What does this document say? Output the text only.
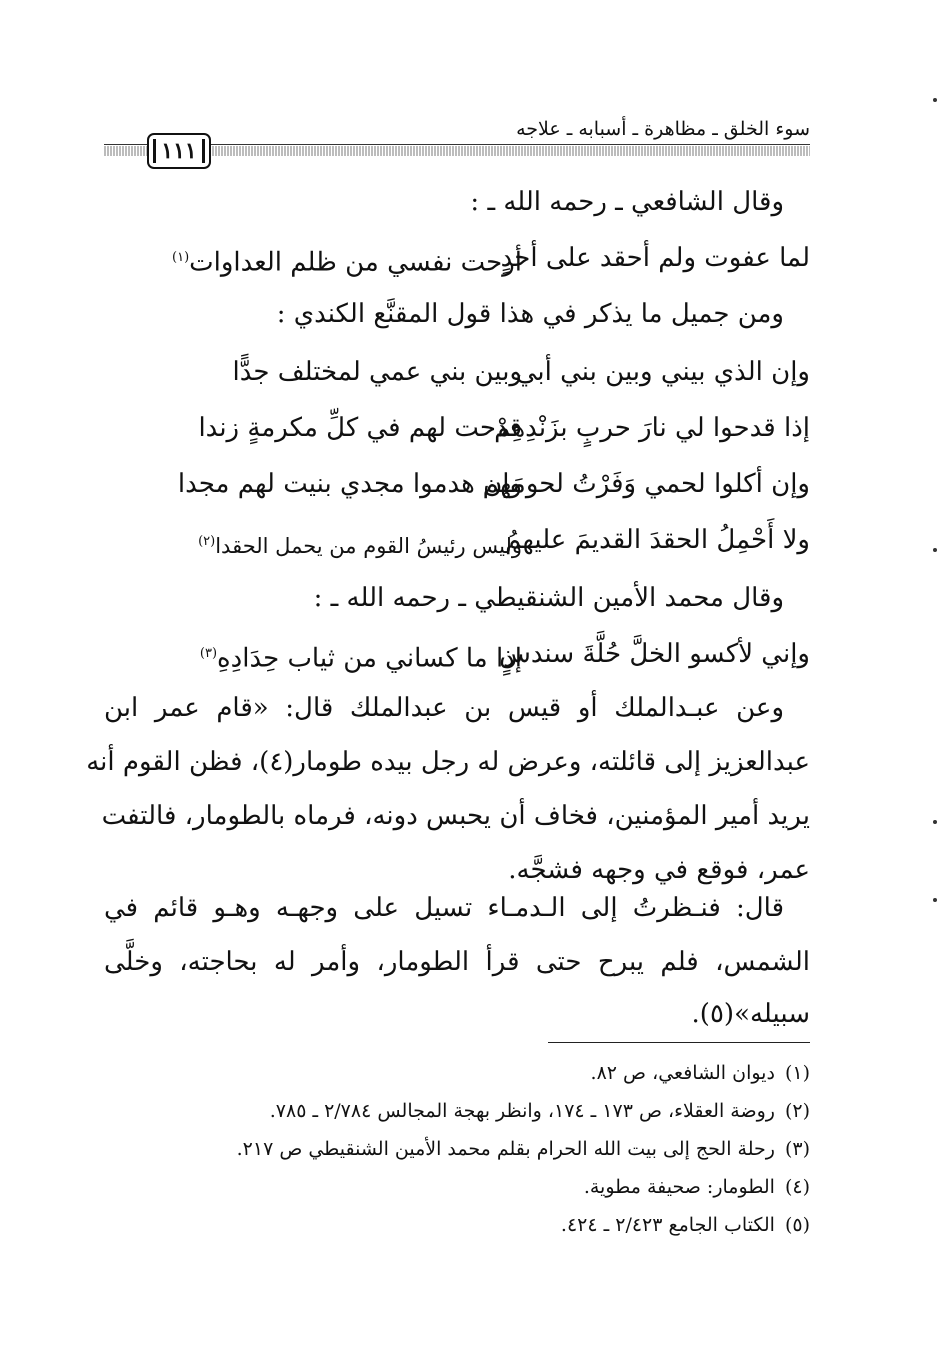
سوء الخلق ـ مظاهرة ـ أسبابه ـ علاجه
١١١
وقال الشافعي ـ رحمه الله ـ :
لما عفوت ولم أحقد على أحدٍ
أرحت نفسي من ظلم العداوات$^{(١)}$
ومن جميل ما يذكر في هذا قول المقنَّع الكندي :
وإن الذي بيني وبين بني أبي
وبين بني عمي لمختلف جدًّا
إذا قدحوا لي نارَ حربٍ بزَنْدِهِمْ
قدحت لهم في كلِّ مكرمةٍ زندا
وإن أكلوا لحمي وَفَرْتُ لحومَهم
وإن هدموا مجدي بنيت لهم مجدا
ولا أَحْمِلُ الحقدَ القديمَ عليهمُ
وليس رئيسُ القوم من يحمل الحقدا$^{(٢)}$
وقال محمد الأمين الشنقيطي ـ رحمه الله ـ :
وإني لأكسو الخلَّ حُلَّةَ سندسٍ
إذا ما كساني من ثياب حِدَادِهِ$^{(٣)}$
وعن عبـدالملك أو قيس بن عبدالملك قال: «قام عمر ابن
عبدالعزيز إلى قائلته، وعرض له رجل بيده طومار(٤)، فظن القوم أنه
يريد أمير المؤمنين، فخاف أن يحبس دونه، فرماه بالطومار، فالتفت
عمر، فوقع في وجهه فشجَّه.
قال: فنـظرتُ إلى الـدمـاء تسيل على وجهـه وهـو قائم في
الشمس، فلم يبرح حتى قرأ الطومار، وأمر له بحاجته، وخلَّى
سبيله»(٥).
(١)ديوان الشافعي، ص ٨٢.
(٢)روضة العقلاء، ص ١٧٣ ـ ١٧٤، وانظر بهجة المجالس ٢/٧٨٤ ـ ٧٨٥.
(٣)رحلة الحج إلى بيت الله الحرام بقلم محمد الأمين الشنقيطي ص ٢١٧.
(٤)الطومار: صحيفة مطوية.
(٥)الكتاب الجامع ٢/٤٢٣ ـ ٤٢٤.
